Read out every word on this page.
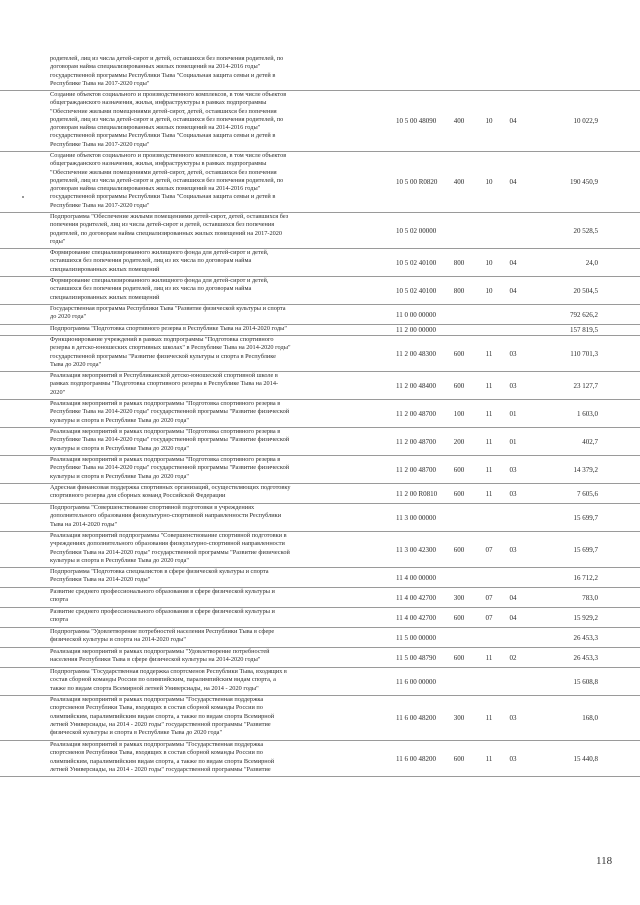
родителей, лиц из числа детей-сирот и детей, оставшихся без попечения родителей, по
договорам найма специализированных жилых помещений на 2014-2016 годы"
государственной программы Республики Тыва "Социальная защита семьи и детей в
Республике Тыва на 2017-2020 годы"
Создание объектов социального и производственного комплексов, в том числе объектов
общегражданского назначения, жилья, инфраструктуры в рамках подпрограммы
"Обеспечение жилыми помещениями детей-сирот, детей, оставшихся без попечения
родителей, лиц из числа детей-сирот и детей, оставшихся без попечения родителей, по
договорам найма специализированных жилых помещений на 2014-2016 годы"
государственной программы Республики Тыва "Социальная защита семьи и детей в
Республике Тыва на 2017-2020 годы"
10 5 00 48090	400	10	04	10 022,9
Создание объектов социального и производственного комплексов, в том числе объектов
общегражданского назначения, жилья, инфраструктуры в рамках подпрограммы
"Обеспечение жилыми помещениями детей-сирот, детей, оставшихся без попечения
родителей, лиц из числа детей-сирот и детей, оставшихся без попечения родителей, по
договорам найма специализированных жилых помещений на 2014-2016 годы"
государственной программы Республики Тыва "Социальная защита семьи и детей в
Республике Тыва на 2017-2020 годы"
10 5 00 R0820	400	10	04	190 450,9
Подпрограмма "Обеспечение жилыми помещениями детей-сирот, детей, оставшихся без
попечения родителей, лиц из числа детей-сирот и детей, оставшихся без попечения
родителей, по договорам найма специализированных жилых помещений на 2017-2020
годы"
10 5 02 00000	20 528,5
Формирование специализированного жилищного фонда для детей-сирот и детей,
оставшихся без попечения родителей, лиц из их числа по договорам найма
специализированных жилых помещений
10 5 02 40100	800	10	04	24,0
Формирование специализированного жилищного фонда для детей-сирот и детей,
оставшихся без попечения родителей, лиц из их числа по договорам найма
специализированных жилых помещений
10 5 02 40100	800	10	04	20 504,5
Государственная программа Республики Тыва "Развитие физической культуры и спорта
до 2020 года"	11 0 00 00000	792 626,2
Подпрограмма "Подготовка спортивного резерва в Республике Тыва на 2014-2020 годы"	11 2 00 00000	157 819,5
Функционирование учреждений в рамках подпрограммы "Подготовка спортивного
резерва в детско-юношеских спортивных школах" в Республике Тыва на 2014-2020 годы"
государственной программы "Развитие физической культуры и спорта в Республике
Тыва до 2020 года"
11 2 00 48300	600	11	03	110 701,3
Реализация мероприятий в Республиканской детско-юношеской спортивной школе в
рамках подпрограммы "Подготовка спортивного резерва в Республике Тыва на 2014-
2020"
11 2 00 48400	600	11	03	23 127,7
Реализация мероприятий в рамках подпрограммы "Подготовка спортивного резерва в
Республике Тыва на 2014-2020 годы" государственной программы "Развитие физической
культуры и спорта в Республике Тыва до 2020 года"
11 2 00 48700	100	11	01	1 603,0
Реализация мероприятий в рамках подпрограммы "Подготовка спортивного резерва в
Республике Тыва на 2014-2020 годы" государственной программы "Развитие физической
культуры и спорта в Республике Тыва до 2020 года"
11 2 00 48700	200	11	01	402,7
Реализация мероприятий в рамках подпрограммы "Подготовка спортивного резерва в
Республике Тыва на 2014-2020 годы" государственной программы "Развитие физической
культуры и спорта в Республике Тыва до 2020 года"
11 2 00 48700	600	11	03	14 379,2
Адресная финансовая поддержка спортивных организаций, осуществляющих подготовку
спортивного резерва для сборных команд Российской Федерации	11 2 00 R0810	600	11	03	7 605,6
Подпрограмма "Совершенствование спортивной подготовки в учреждениях
дополнительного образования физкультурно-спортивной направленности Республики
Тыва на 2014-2020 годы"
11 3 00 00000	15 699,7
Реализация мероприятий подпрограммы "Совершенствование спортивной подготовки в
учреждениях дополнительного образования физкультурно-спортивной направленности
Республики Тыва на 2014-2020 годы" государственной программы "Развитие физической
культуры и спорта в Республике Тыва до 2020 года"
11 3 00 42300	600	07	03	15 699,7
Подпрограмма "Подготовка специалистов в сфере физической культуры и спорта
Республики Тыва на 2014-2020 годы"	11 4 00 00000	16 712,2
Развитие среднего профессионального образования в сфере физической культуры и
спорта	11 4 00 42700	300	07	04	783,0
Развитие среднего профессионального образования в сфере физической культуры и
спорта	11 4 00 42700	600	07	04	15 929,2
Подпрограмма "Удовлетворение потребностей населения Республики Тыва в сфере
физической культуры и спорта на 2014-2020 годы"	11 5 00 00000	26 453,3
Реализация мероприятий в рамках подпрограммы "Удовлетворение потребностей
населения Республики Тыва в сфере физической культуры на 2014-2020 годы"	11 5 00 48790	600	11	02	26 453,3
Подпрограмма "Государственная поддержка спортсменов Республики Тыва, входящих в
состав сборной команды России по олимпийским, паралимпийским видам спорта, а
также по видам спорта Всемирной летней Универсиады, на 2014 - 2020 годы"
11 6 00 00000	15 608,8
Реализация мероприятий в рамках подпрограммы "Государственная поддержка
спортсменов Республики Тыва, входящих в состав сборной команды России по
олимпийским, паралимпийским видам спорта, а также по видам спорта Всемирной
летней Универсиады, на 2014 - 2020 годы" государственной программы "Развитие
физической культуры и спорта в Республике Тыва до 2020 года"
11 6 00 48200	300	11	03	168,0
Реализация мероприятий в рамках подпрограммы "Государственная поддержка
спортсменов Республики Тыва, входящих в состав сборной команды России по
олимпийским, паралимпийским видам спорта, а также по видам спорта Всемирной
летней Универсиады, на 2014 - 2020 годы" государственной программы "Развитие
11 6 00 48200	600	11	03	15 440,8
118
